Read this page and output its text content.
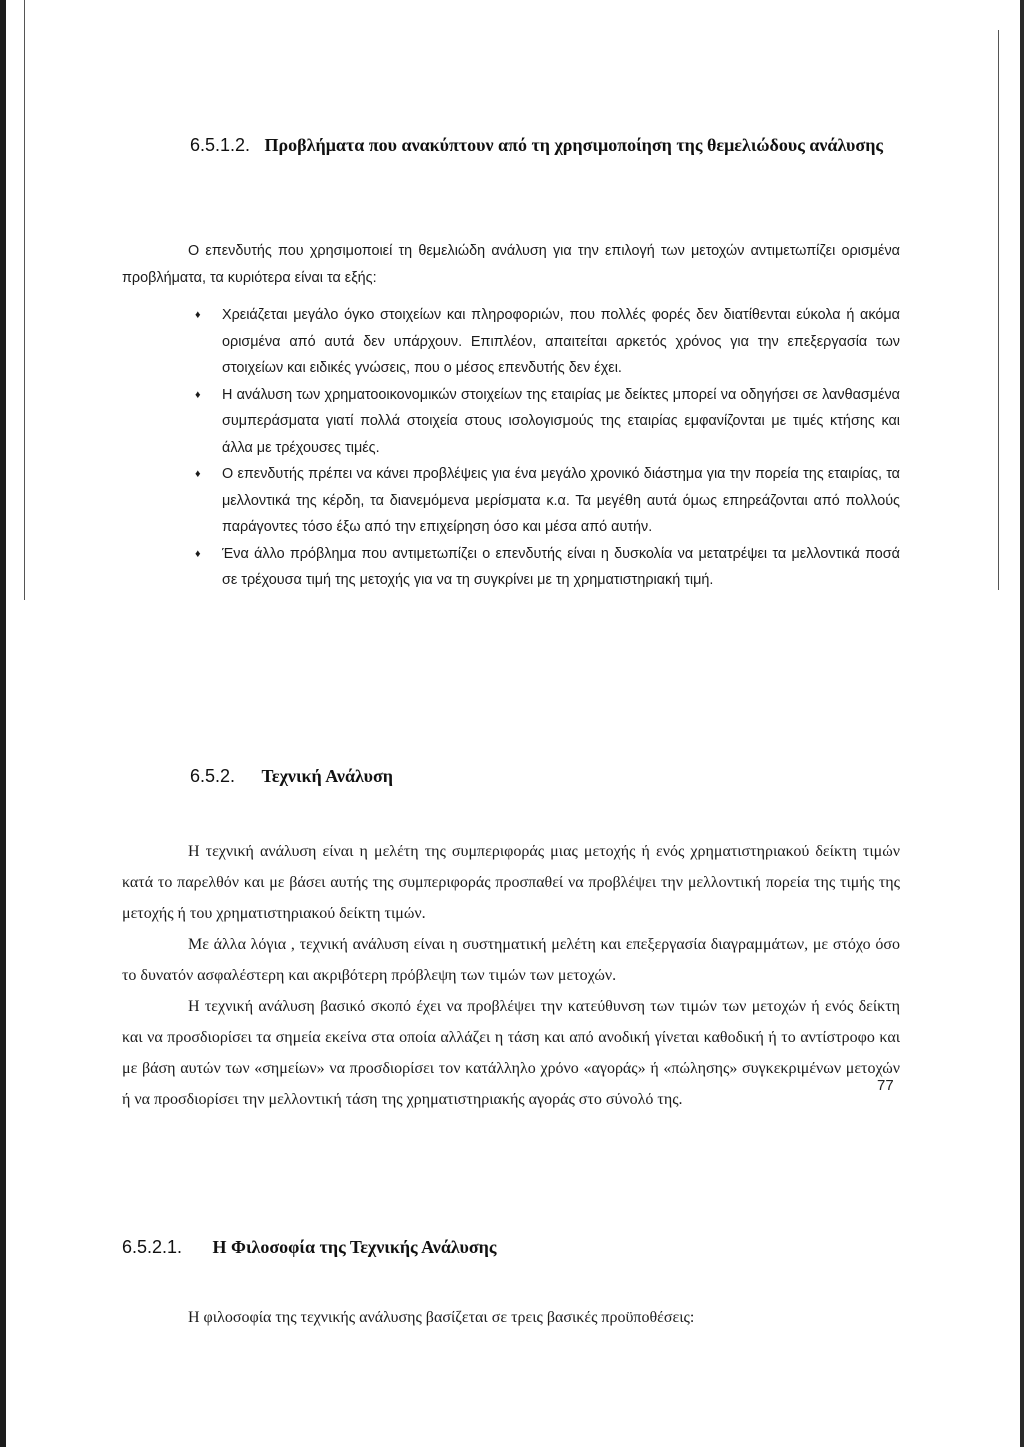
6.5.1.2. Προβλήματα που ανακύπτουν από τη χρησιμοποίηση της θεμελιώδους ανάλυσης

Ο επενδυτής που χρησιμοποιεί τη θεμελιώδη ανάλυση για την επιλογή των μετοχών αντιμετωπίζει ορισμένα προβλήματα, τα κυριότερα είναι τα εξής:

♦ Χρειάζεται μεγάλο όγκο στοιχείων και πληροφοριών, που πολλές φορές δεν διατίθενται εύκολα ή ακόμα ορισμένα από αυτά δεν υπάρχουν. Επιπλέον, απαιτείται αρκετός χρόνος για την επεξεργασία των στοιχείων και ειδικές γνώσεις, που ο μέσος επενδυτής δεν έχει.
♦ Η ανάλυση των χρηματοοικονομικών στοιχείων της εταιρίας με δείκτες μπορεί να οδηγήσει σε λανθασμένα συμπεράσματα γιατί πολλά στοιχεία στους ισολογισμούς της εταιρίας εμφανίζονται με τιμές κτήσης και άλλα με τρέχουσες τιμές.
♦ Ο επενδυτής πρέπει να κάνει προβλέψεις για ένα μεγάλο χρονικό διάστημα για την πορεία της εταιρίας, τα μελλοντικά της κέρδη, τα διανεμόμενα μερίσματα κ.α. Τα μεγέθη αυτά όμως επηρεάζονται από πολλούς παράγοντες τόσο έξω από την επιχείρηση όσο και μέσα από αυτήν.
♦ Ένα άλλο πρόβλημα που αντιμετωπίζει ο επενδυτής είναι η δυσκολία να μετατρέψει τα μελλοντικά ποσά σε τρέχουσα τιμή της μετοχής για να τη συγκρίνει με τη χρηματιστηριακή τιμή.
6.5.2. Τεχνική Ανάλυση

Η τεχνική ανάλυση είναι η μελέτη της συμπεριφοράς μιας μετοχής ή ενός χρηματιστηριακού δείκτη τιμών κατά το παρελθόν και με βάσει αυτής της συμπεριφοράς προσπαθεί να προβλέψει την μελλοντική πορεία της τιμής της μετοχής ή του χρηματιστηριακού δείκτη τιμών.

Με άλλα λόγια , τεχνική ανάλυση είναι η συστηματική μελέτη και επεξεργασία διαγραμμάτων, με στόχο όσο το δυνατόν ασφαλέστερη και ακριβότερη πρόβλεψη των τιμών των μετοχών.

Η τεχνική ανάλυση βασικό σκοπό έχει να προβλέψει την κατεύθυνση των τιμών των μετοχών ή ενός δείκτη και να προσδιορίσει τα σημεία εκείνα στα οποία αλλάζει η τάση και από ανοδική γίνεται καθοδική ή το αντίστροφο και με βάση αυτών των «σημείων» να προσδιορίσει τον κατάλληλο χρόνο «αγοράς» ή «πώλησης» συγκεκριμένων μετοχών ή να προσδιορίσει την μελλοντική τάση της χρηματιστηριακής αγοράς στο σύνολό της.

6.5.2.1. Η Φιλοσοφία της Τεχνικής Ανάλυσης

Η φιλοσοφία της τεχνικής ανάλυσης βασίζεται σε τρεις βασικές προϋποθέσεις:

77
